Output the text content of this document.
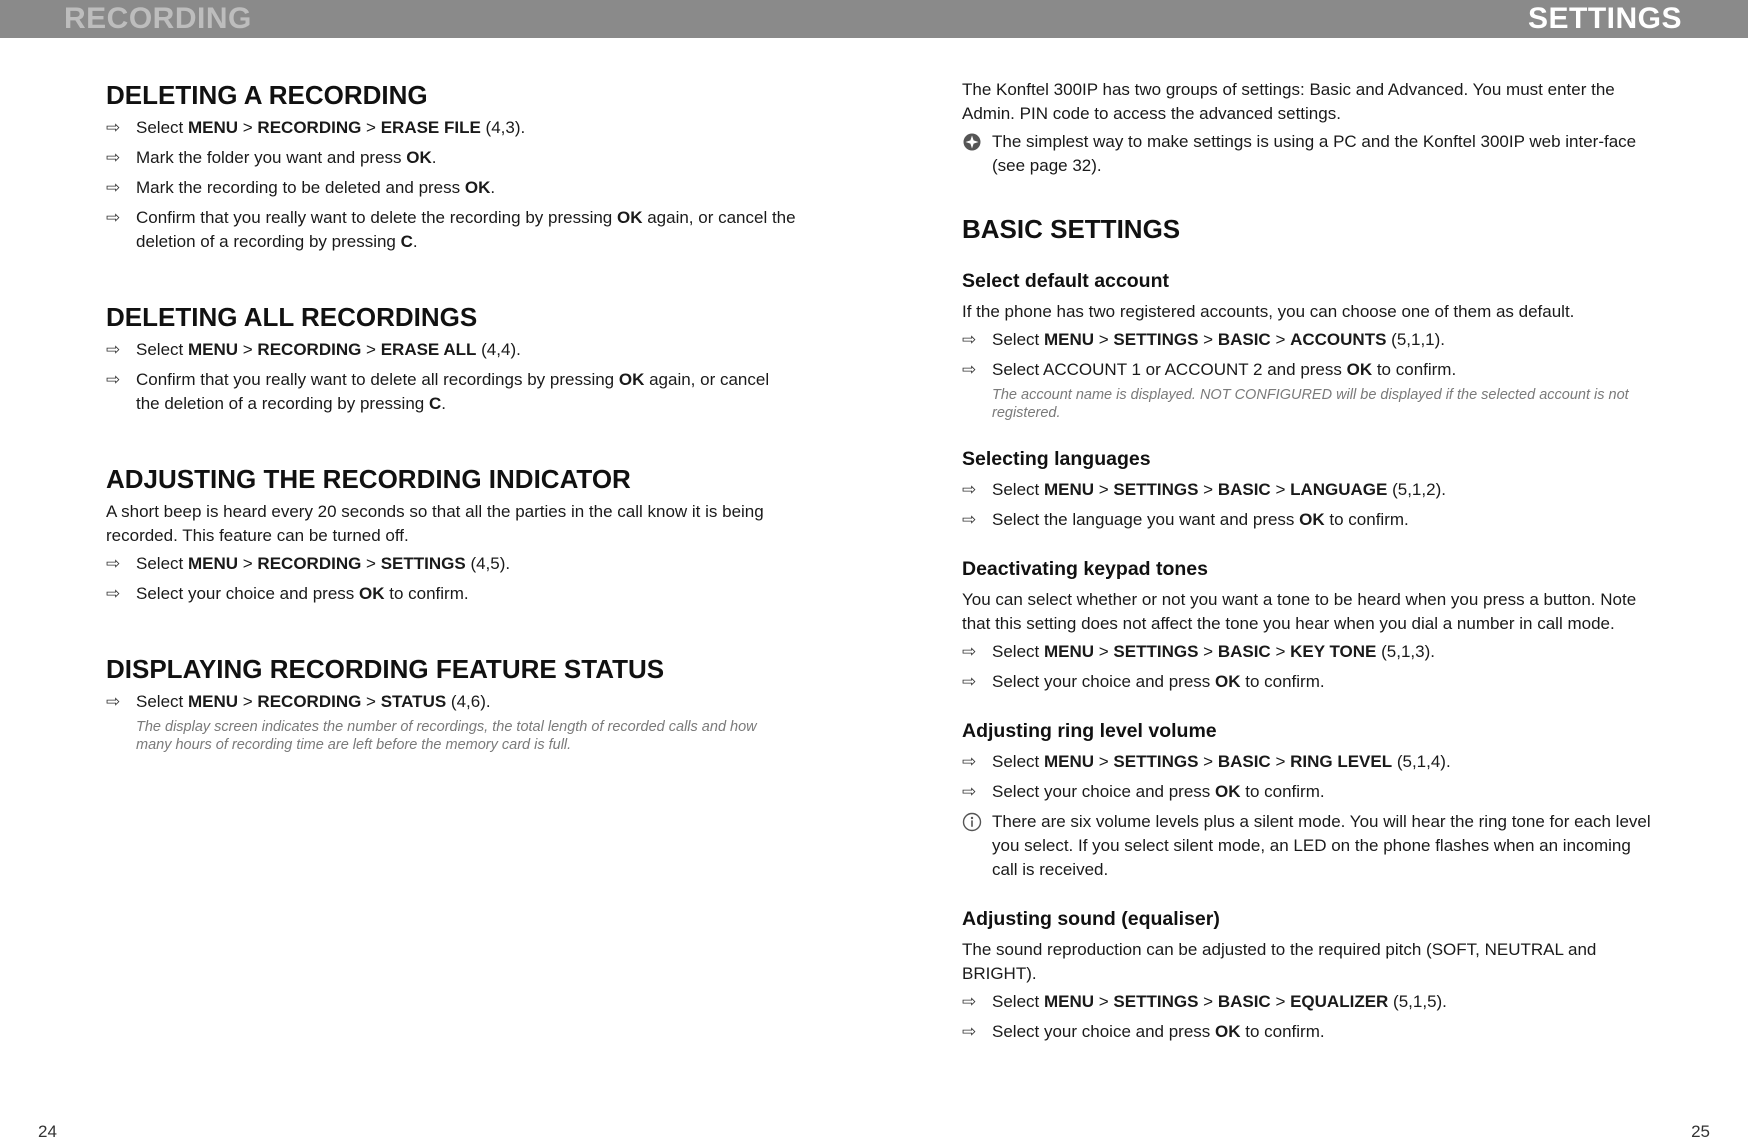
RECORDING	SETTINGS
DELETING A RECORDING
⇨ Select MENU > RECORDING > ERASE FILE (4,3).
⇨ Mark the folder you want and press OK.
⇨ Mark the recording to be deleted and press OK.
⇨ Confirm that you really want to delete the recording by pressing OK again, or cancel the deletion of a recording by pressing C.
DELETING ALL RECORDINGS
⇨ Select MENU > RECORDING > ERASE ALL (4,4).
⇨ Confirm that you really want to delete all recordings by pressing OK again, or cancel the deletion of a recording by pressing C.
ADJUSTING THE RECORDING INDICATOR

A short beep is heard every 20 seconds so that all the parties in the call know it is being recorded. This feature can be turned off.

⇨ Select MENU > RECORDING > SETTINGS (4,5).
⇨ Select your choice and press OK to confirm.
DISPLAYING RECORDING FEATURE STATUS
⇨ Select MENU > RECORDING > STATUS (4,6).
The display screen indicates the number of recordings, the total length of recorded calls and how many hours of recording time are left before the memory card is full.

The Konftel 300IP has two groups of settings: Basic and Advanced. You must enter the Admin. PIN code to access the advanced settings.

The simplest way to make settings is using a PC and the Konftel 300IP web inter-face (see page 32).
BASIC SETTINGS
Select default account

If the phone has two registered accounts, you can choose one of them as default.

⇨ Select MENU > SETTINGS > BASIC > ACCOUNTS (5,1,1).
⇨ Select ACCOUNT 1 or ACCOUNT 2 and press OK to confirm.
The account name is displayed. NOT CONFIGURED will be displayed if the selected account is not registered.
Selecting languages
⇨ Select MENU > SETTINGS > BASIC > LANGUAGE (5,1,2).
⇨ Select the language you want and press OK to confirm.
Deactivating keypad tones

You can select whether or not you want a tone to be heard when you press a button. Note that this setting does not affect the tone you hear when you dial a number in call mode.

⇨ Select MENU > SETTINGS > BASIC > KEY TONE (5,1,3).
⇨ Select your choice and press OK to confirm.
Adjusting ring level volume
⇨ Select MENU > SETTINGS > BASIC > RING LEVEL (5,1,4).
⇨ Select your choice and press OK to confirm.
There are six volume levels plus a silent mode. You will hear the ring tone for each level you select. If you select silent mode, an LED on the phone flashes when an incoming call is received.
Adjusting sound (equaliser)

The sound reproduction can be adjusted to the required pitch (SOFT, NEUTRAL and BRIGHT).

⇨ Select MENU > SETTINGS > BASIC > EQUALIZER (5,1,5).
⇨ Select your choice and press OK to confirm.
24	25
